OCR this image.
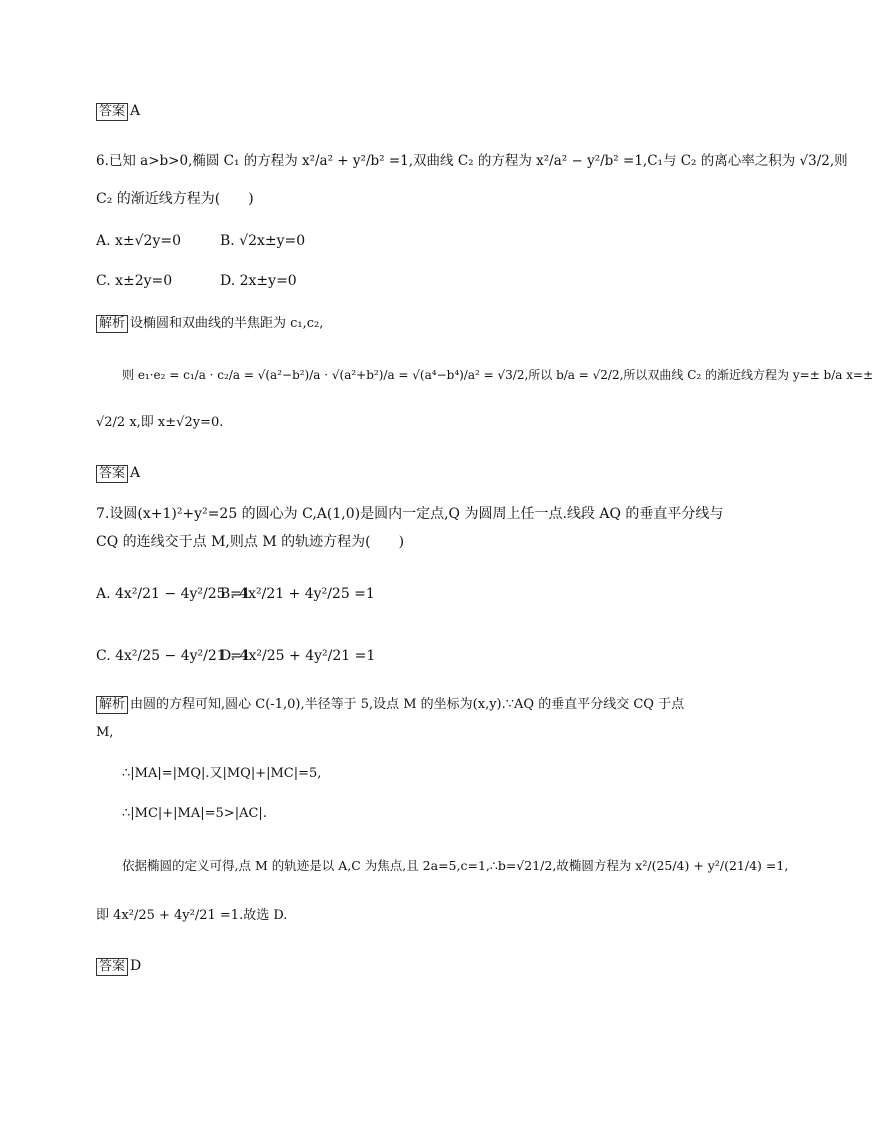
答案 A
6.已知 a>b>0,椭圆 C₁ 的方程为 x²/a² + y²/b² =1,双曲线 C₂ 的方程为 x²/a² − y²/b² =1,C₁与 C₂ 的离心率之积为 √3/2,则
C₂ 的渐近线方程为(　　)
A. x±√2y=0	B. √2x±y=0
C. x±2y=0	D. 2x±y=0
解析 设椭圆和双曲线的半焦距为 c₁,c₂,
则 e₁·e₂ = c₁/a · c₂/a = √(a²−b²)/a · √(a²+b²)/a = √(a⁴−b⁴)/a² = √3/2,所以 b/a = √2/2,所以双曲线 C₂ 的渐近线方程为 y=± b/a x=±
√2/2 x,即 x±√2y=0.
答案 A
7.设圆(x+1)²+y²=25 的圆心为 C,A(1,0)是圆内一定点,Q 为圆周上任一点.线段 AQ 的垂直平分线与
CQ 的连线交于点 M,则点 M 的轨迹方程为(　　)
A. 4x²/21 − 4y²/25 =1
B. 4x²/21 + 4y²/25 =1
C. 4x²/25 − 4y²/21 =1
D. 4x²/25 + 4y²/21 =1
解析 由圆的方程可知,圆心 C(-1,0),半径等于 5,设点 M 的坐标为(x,y).∵AQ 的垂直平分线交 CQ 于点
M,
∴|MA|=|MQ|.又|MQ|+|MC|=5,
∴|MC|+|MA|=5>|AC|.
依据椭圆的定义可得,点 M 的轨迹是以 A,C 为焦点,且 2a=5,c=1,∴b=√21/2,故椭圆方程为 x²/(25/4) + y²/(21/4) =1,
即 4x²/25 + 4y²/21 =1.故选 D.
答案 D
